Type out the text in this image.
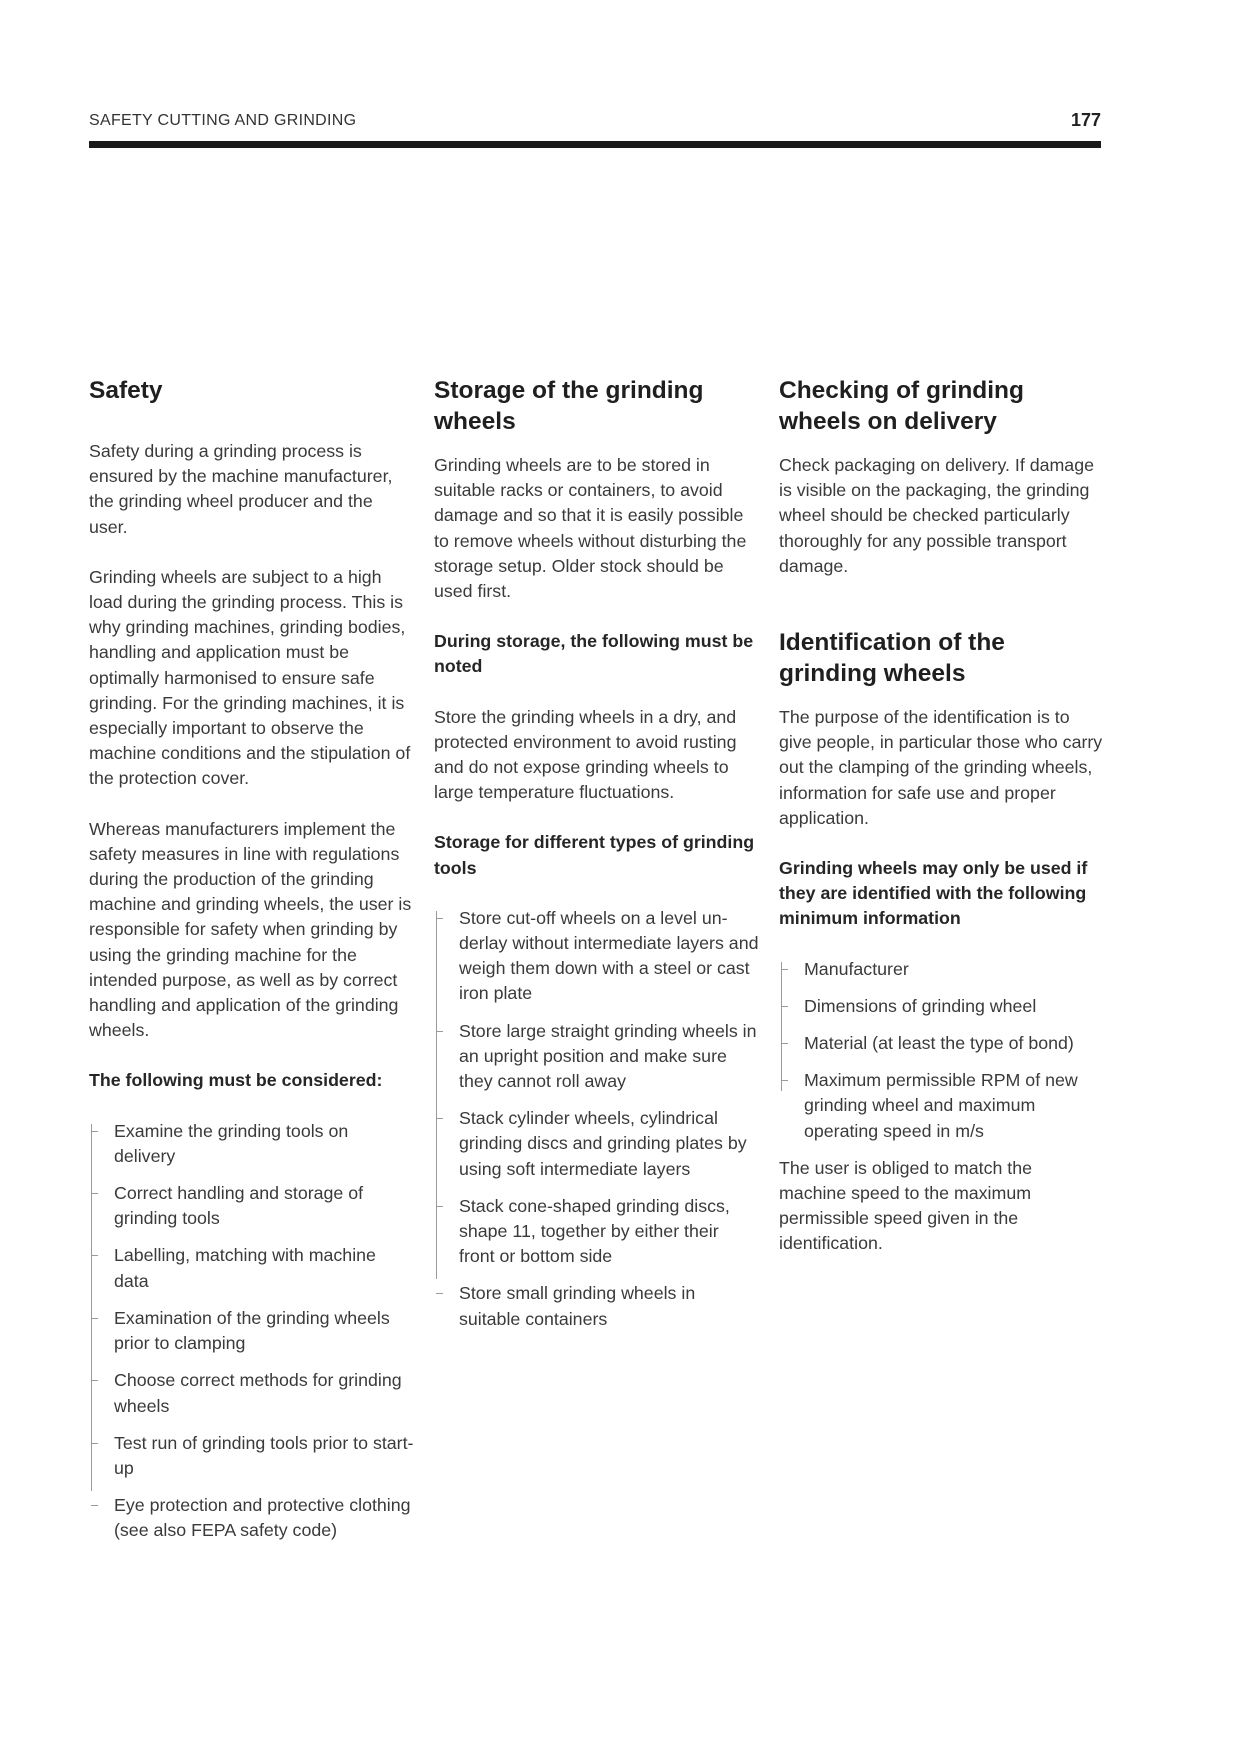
SAFETY CUTTING AND GRINDING	177
Safety

Safety during a grinding process is ensured by the machine manufacturer, the grinding wheel producer and the user.

Grinding wheels are subject to a high load during the grinding process. This is why grinding machines, grinding bodies, handling and application must be optimally harmonised to ensure safe grinding. For the grinding machines, it is especially important to observe the machine conditions and the stipulation of the protection cover.

Whereas manufacturers implement the safety measures in line with regulations during the production of the grinding machine and grinding wheels, the user is responsible for safety when grinding by using the grinding machine for the intended purpose, as well as by correct handling and application of the grinding wheels.

The following must be considered:

Examine the grinding tools on delivery
Correct handling and storage of grinding tools
Labelling, matching with machine data
Examination of the grinding wheels prior to clamping
Choose correct methods for grinding wheels
Test run of grinding tools prior to start-up
Eye protection and protective clothing (see also FEPA safety code)
Storage of the grinding wheels

Grinding wheels are to be stored in suitable racks or containers, to avoid damage and so that it is easily possible to remove wheels without disturbing the storage setup. Older stock should be used first.

During storage, the following must be noted

Store the grinding wheels in a dry, and protected environment to avoid rusting and do not expose grinding wheels to large temperature fluctuations.

Storage for different types of grinding tools

Store cut-off wheels on a level underlay without intermediate layers and weigh them down with a steel or cast iron plate
Store large straight grinding wheels in an upright position and make sure they cannot roll away
Stack cylinder wheels, cylindrical grinding discs and grinding plates by using soft intermediate layers
Stack cone-shaped grinding discs, shape 11, together by either their front or bottom side
Store small grinding wheels in suitable containers
Checking of grinding wheels on delivery

Check packaging on delivery. If damage is visible on the packaging, the grinding wheel should be checked particularly thoroughly for any possible transport damage.

Identification of the grinding wheels

The purpose of the identification is to give people, in particular those who carry out the clamping of the grinding wheels, information for safe use and proper application.

Grinding wheels may only be used if they are identified with the following minimum information

Manufacturer
Dimensions of grinding wheel
Material (at least the type of bond)
Maximum permissible RPM of new grinding wheel and maximum operating speed in m/s

The user is obliged to match the machine speed to the maximum permissible speed given in the identification.
